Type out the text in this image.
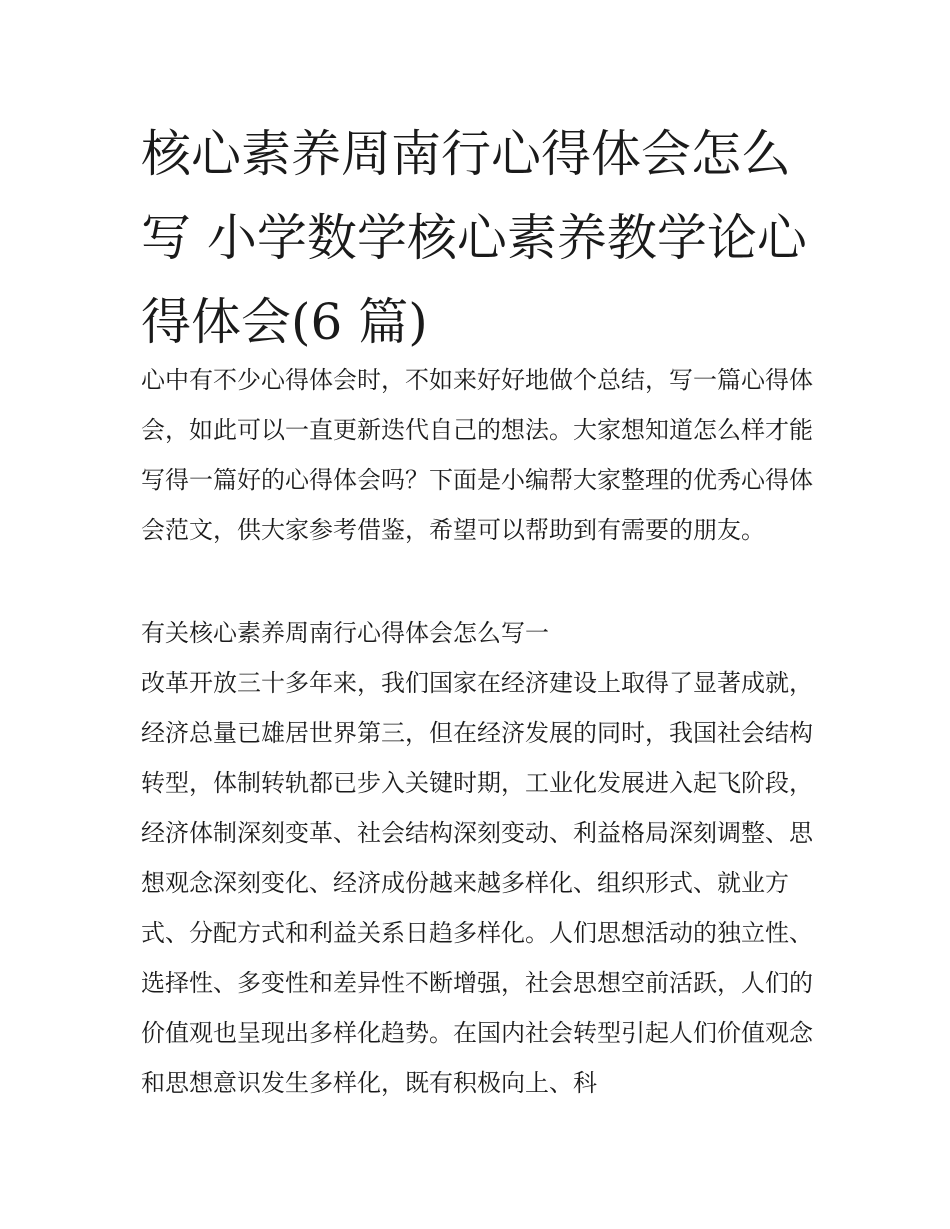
核心素养周南行心得体会怎么写 小学数学核心素养教学论心得体会(6 篇)

心中有不少心得体会时，不如来好好地做个总结，写一篇心得体会，如此可以一直更新迭代自己的想法。大家想知道怎么样才能写得一篇好的心得体会吗？下面是小编帮大家整理的优秀心得体会范文，供大家参考借鉴，希望可以帮助到有需要的朋友。

有关核心素养周南行心得体会怎么写一

改革开放三十多年来，我们国家在经济建设上取得了显著成就，经济总量已雄居世界第三，但在经济发展的同时，我国社会结构转型，体制转轨都已步入关键时期，工业化发展进入起飞阶段，经济体制深刻变革、社会结构深刻变动、利益格局深刻调整、思想观念深刻变化、经济成份越来越多样化、组织形式、就业方式、分配方式和利益关系日趋多样化。人们思想活动的独立性、选择性、多变性和差异性不断增强，社会思想空前活跃，人们的价值观也呈现出多样化趋势。在国内社会转型引起人们价值观念和思想意识发生多样化，既有积极向上、科
